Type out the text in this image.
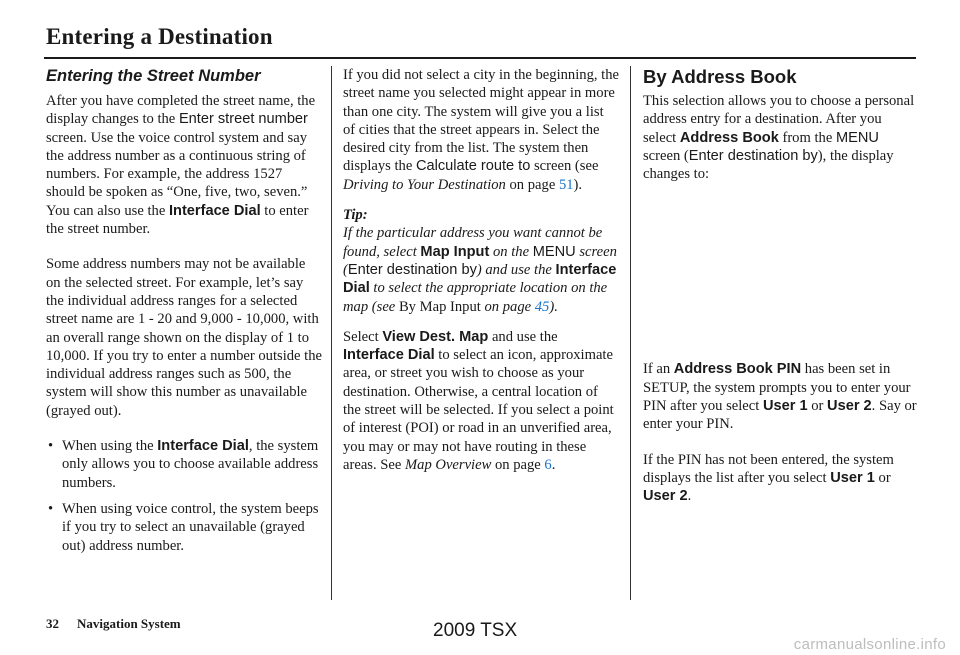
Entering a Destination
Entering the Street Number

After you have completed the street name, the display changes to the Enter street number screen. Use the voice control system and say the address number as a continuous string of numbers. For example, the address 1527 should be spoken as “One, five, two, seven.” You can also use the Interface Dial to enter the street number.

Some address numbers may not be available on the selected street. For example, let’s say the individual address ranges for a selected street name are 1 - 20 and 9,000 - 10,000, with an overall range shown on the display of 1 to 10,000. If you try to enter a number outside the individual address ranges such as 500, the system will show this number as unavailable (grayed out).

• When using the Interface Dial, the system only allows you to choose available address numbers.
• When using voice control, the system beeps if you try to select an unavailable (grayed out) address number.

If you did not select a city in the beginning, the street name you selected might appear in more than one city. The system will give you a list of cities that the street appears in. Select the desired city from the list. The system then displays the Calculate route to screen (see Driving to Your Destination on page 51).

Tip:

If the particular address you want cannot be found, select Map Input on the MENU screen (Enter destination by) and use the Interface Dial to select the appropriate location on the map (see By Map Input on page 45).

Select View Dest. Map and use the Interface Dial to select an icon, approximate area, or street you wish to choose as your destination. Otherwise, a central location of the street will be selected. If you select a point of interest (POI) or road in an unverified area, you may or may not have routing in these areas. See Map Overview on page 6.

By Address Book

This selection allows you to choose a personal address entry for a destination. After you select Address Book from the MENU screen (Enter destination by), the display changes to:

If an Address Book PIN has been set in SETUP, the system prompts you to enter your PIN after you select User 1 or User 2. Say or enter your PIN.

If the PIN has not been entered, the system displays the list after you select User 1 or User 2.

32 Navigation System	2009 TSX
carmanualsonline.info
